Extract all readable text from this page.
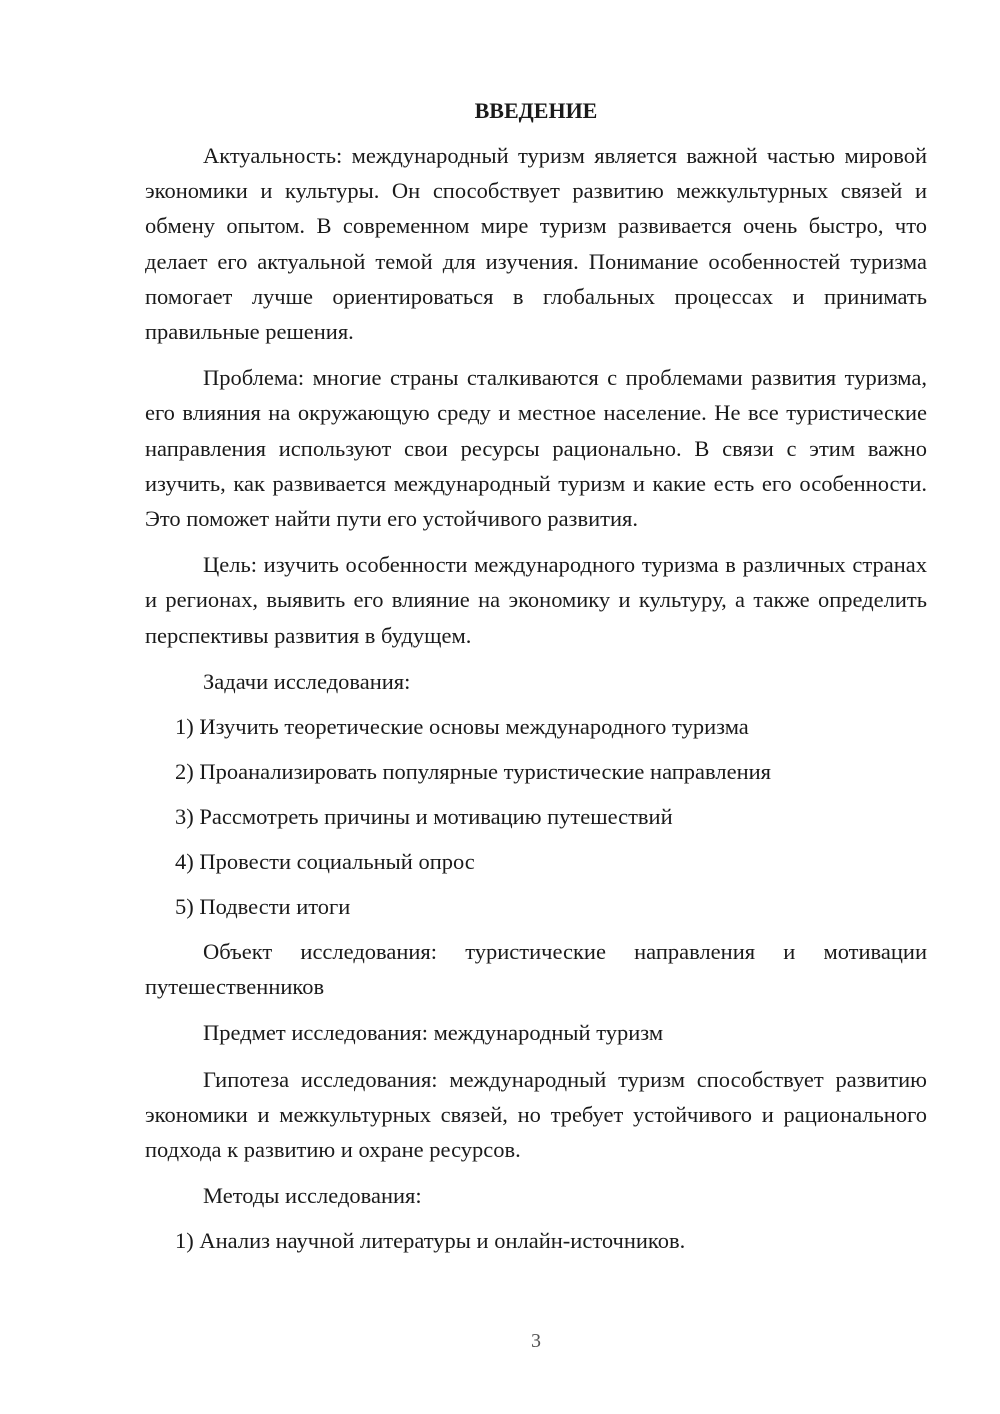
ВВЕДЕНИЕ

Актуальность: международный туризм является важной частью мировой экономики и культуры. Он способствует развитию межкультурных связей и обмену опытом. В современном мире туризм развивается очень быстро, что делает его актуальной темой для изучения. Понимание особенностей туризма помогает лучше ориентироваться в глобальных процессах и принимать правильные решения.

Проблема: многие страны сталкиваются с проблемами развития туризма, его влияния на окружающую среду и местное население. Не все туристические направления используют свои ресурсы рационально. В связи с этим важно изучить, как развивается международный туризм и какие есть его особенности. Это поможет найти пути его устойчивого развития.

Цель: изучить особенности международного туризма в различных странах и регионах, выявить его влияние на экономику и культуру, а также определить перспективы развития в будущем.

Задачи исследования:

1) Изучить теоретические основы международного туризма

2) Проанализировать популярные туристические направления

3) Рассмотреть причины и мотивацию путешествий

4) Провести социальный опрос

5) Подвести итоги

Объект исследования: туристические направления и мотивации путешественников

Предмет исследования: международный туризм

Гипотеза исследования: международный туризм способствует развитию экономики и межкультурных связей, но требует устойчивого и рационального подхода к развитию и охране ресурсов.

Методы исследования:

1) Анализ научной литературы и онлайн-источников.

3
